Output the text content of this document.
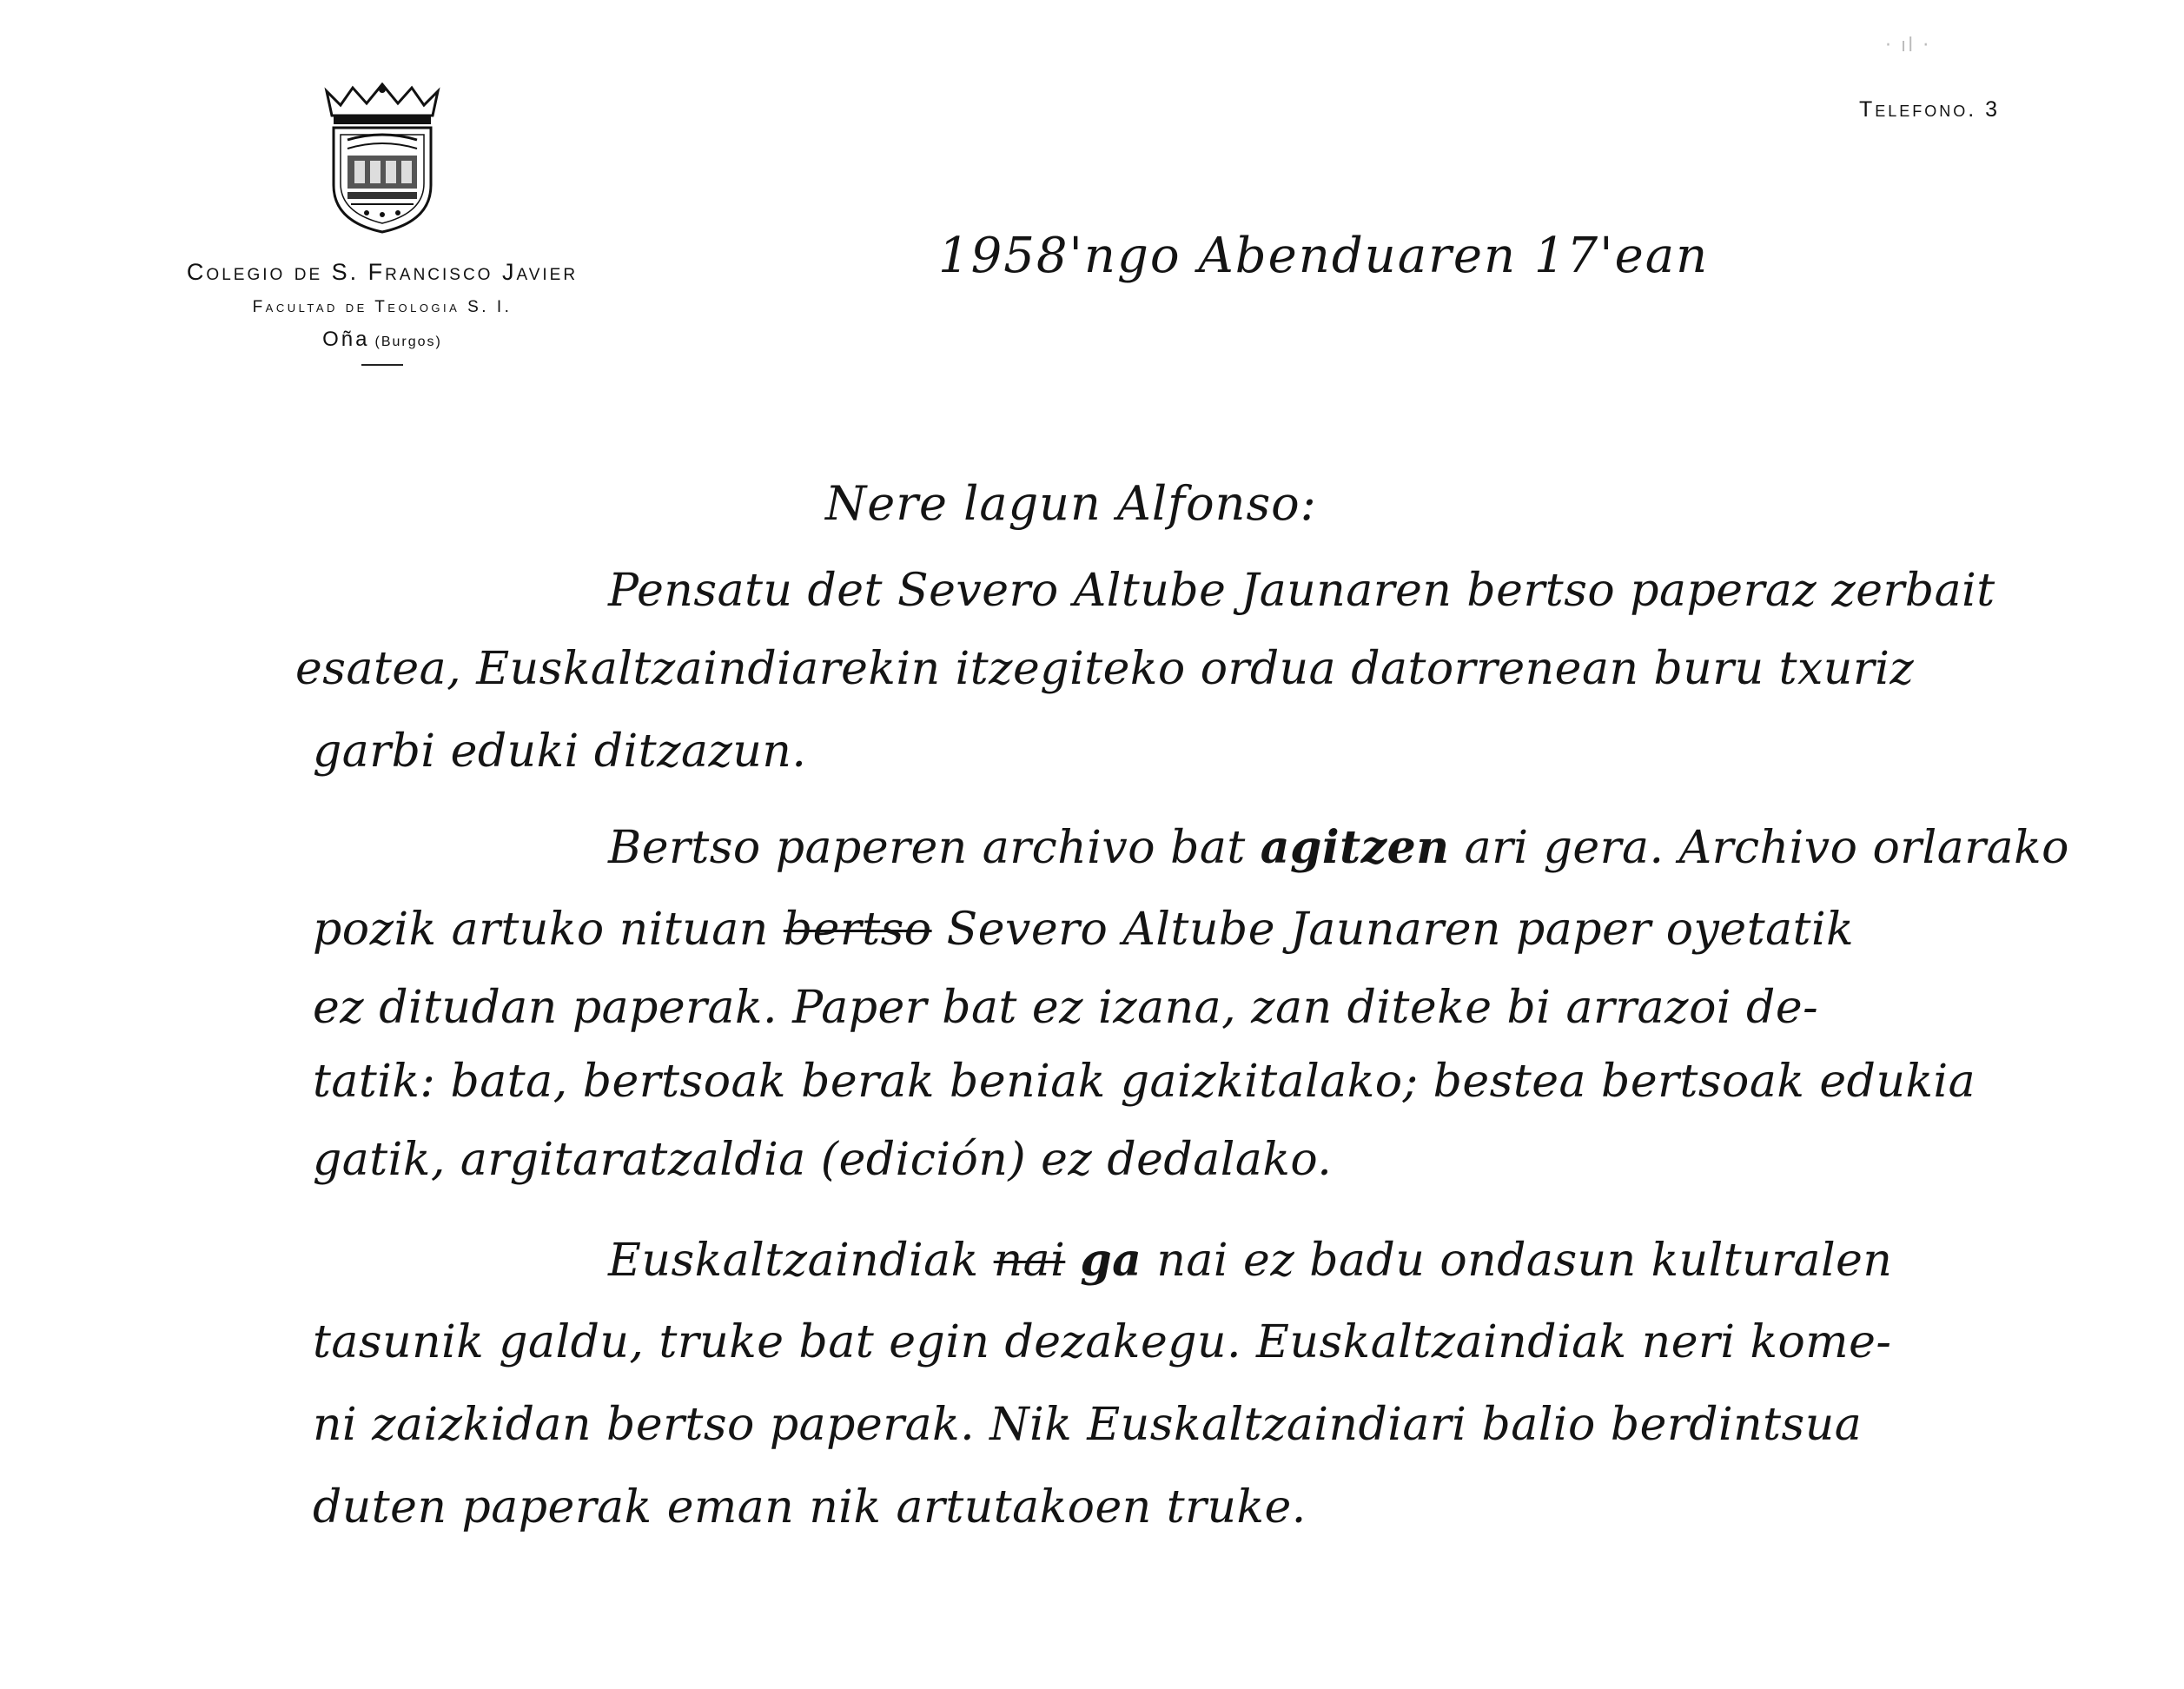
Colegio de S. Francisco Javier
Facultad de Teologia S. I.
Oña (Burgos)
· ıl ·
Telefono. 3
1958'ngo Abenduaren 17'ean
Nere lagun Alfonso:
Pensatu det Severo Altube Jaunaren bertso paperaz zerbait
esatea, Euskaltzaindiarekin itzegiteko ordua datorrenean buru txuriz
garbi eduki ditzazun.
Bertso paperen archivo bat agitzen ari gera. Archivo orlarako
pozik artuko nituan bertso Severo Altube Jaunaren paper oyetatik
ez ditudan paperak. Paper bat ez izana, zan diteke bi arrazoi de-
tatik: bata, bertsoak berak beniak gaizkitalako; bestea bertsoak edukia
gatik, argitaratzaldia (edición) ez dedalako.
Euskaltzaindiak nai ga nai ez badu ondasun kulturalen
tasunik galdu, truke bat egin dezakegu. Euskaltzaindiak neri kome-
ni zaizkidan bertso paperak. Nik Euskaltzaindiari balio berdintsua
duten paperak eman nik artutakoen truke.
